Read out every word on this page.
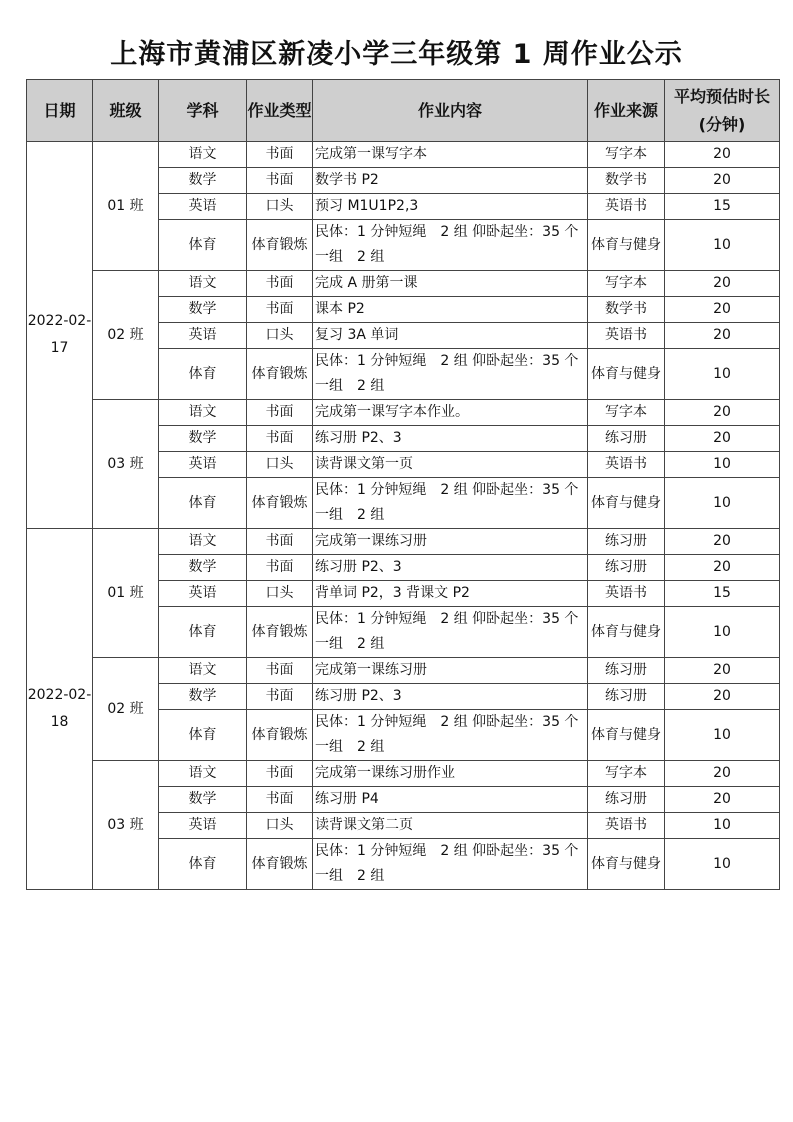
上海市黄浦区新凌小学三年级第 1 周作业公示
日期	班级	学科	作业类型	作业内容	作业来源	平均预估时长(分钟)
2022-02-17	01 班	语文	书面	完成第一课写字本	写字本	20
		数学	书面	数学书 P2	数学书	20
		英语	口头	预习 M1U1P2,3	英语书	15
		体育	体育锻炼	民体：1 分钟短绳　2 组 仰卧起坐：35 个一组　2 组	体育与健身	10
	02 班	语文	书面	完成 A 册第一课	写字本	20
		数学	书面	课本 P2	数学书	20
		英语	口头	复习 3A 单词	英语书	20
		体育	体育锻炼	民体：1 分钟短绳　2 组 仰卧起坐：35 个一组　2 组	体育与健身	10
	03 班	语文	书面	完成第一课写字本作业。	写字本	20
		数学	书面	练习册 P2、3	练习册	20
		英语	口头	读背课文第一页	英语书	10
		体育	体育锻炼	民体：1 分钟短绳　2 组 仰卧起坐：35 个一组　2 组	体育与健身	10
2022-02-18	01 班	语文	书面	完成第一课练习册	练习册	20
		数学	书面	练习册 P2、3	练习册	20
		英语	口头	背单词 P2，3 背课文 P2	英语书	15
		体育	体育锻炼	民体：1 分钟短绳　2 组 仰卧起坐：35 个一组　2 组	体育与健身	10
	02 班	语文	书面	完成第一课练习册	练习册	20
		数学	书面	练习册 P2、3	练习册	20
		体育	体育锻炼	民体：1 分钟短绳　2 组 仰卧起坐：35 个一组　2 组	体育与健身	10
	03 班	语文	书面	完成第一课练习册作业	写字本	20
		数学	书面	练习册 P4	练习册	20
		英语	口头	读背课文第二页	英语书	10
		体育	体育锻炼	民体：1 分钟短绳　2 组 仰卧起坐：35 个一组　2 组	体育与健身	10
